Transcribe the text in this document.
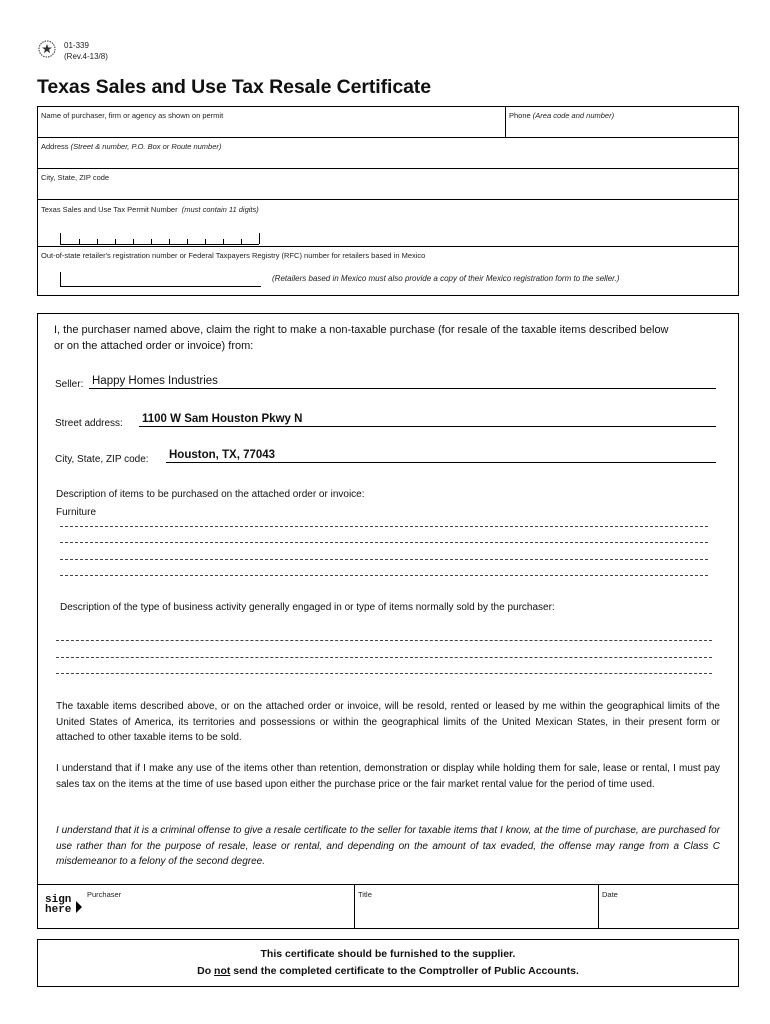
01-339
(Rev.4-13/8)
Texas Sales and Use Tax Resale Certificate
Name of purchaser, firm or agency as shown on permit	Phone (Area code and number)
Address (Street & number, P.O. Box or Route number)
City, State, ZIP code
Texas Sales and Use Tax Permit Number (must contain 11 digits)
Out-of-state retailer's registration number or Federal Taxpayers Registry (RFC) number for retailers based in Mexico
(Retailers based in Mexico must also provide a copy of their Mexico registration form to the seller.)
I, the purchaser named above, claim the right to make a non-taxable purchase (for resale of the taxable items described below or on the attached order or invoice) from:
Seller: Happy Homes Industries
Street address: 1100 W Sam Houston Pkwy N
City, State, ZIP code: Houston, TX, 77043
Description of items to be purchased on the attached order or invoice:
Furniture
Description of the type of business activity generally engaged in or type of items normally sold by the purchaser:
The taxable items described above, or on the attached order or invoice, will be resold, rented or leased by me within the geographical limits of the United States of America, its territories and possessions or within the geographical limits of the United Mexican States, in their present form or attached to other taxable items to be sold.
I understand that if I make any use of the items other than retention, demonstration or display while holding them for sale, lease or rental, I must pay sales tax on the items at the time of use based upon either the purchase price or the fair market rental value for the period of time used.
I understand that it is a criminal offense to give a resale certificate to the seller for taxable items that I know, at the time of purchase, are purchased for use rather than for the purpose of resale, lease or rental, and depending on the amount of tax evaded, the offense may range from a Class C misdemeanor to a felony of the second degree.
sign
here
Purchaser	Title	Date
This certificate should be furnished to the supplier.
Do not send the completed certificate to the Comptroller of Public Accounts.
